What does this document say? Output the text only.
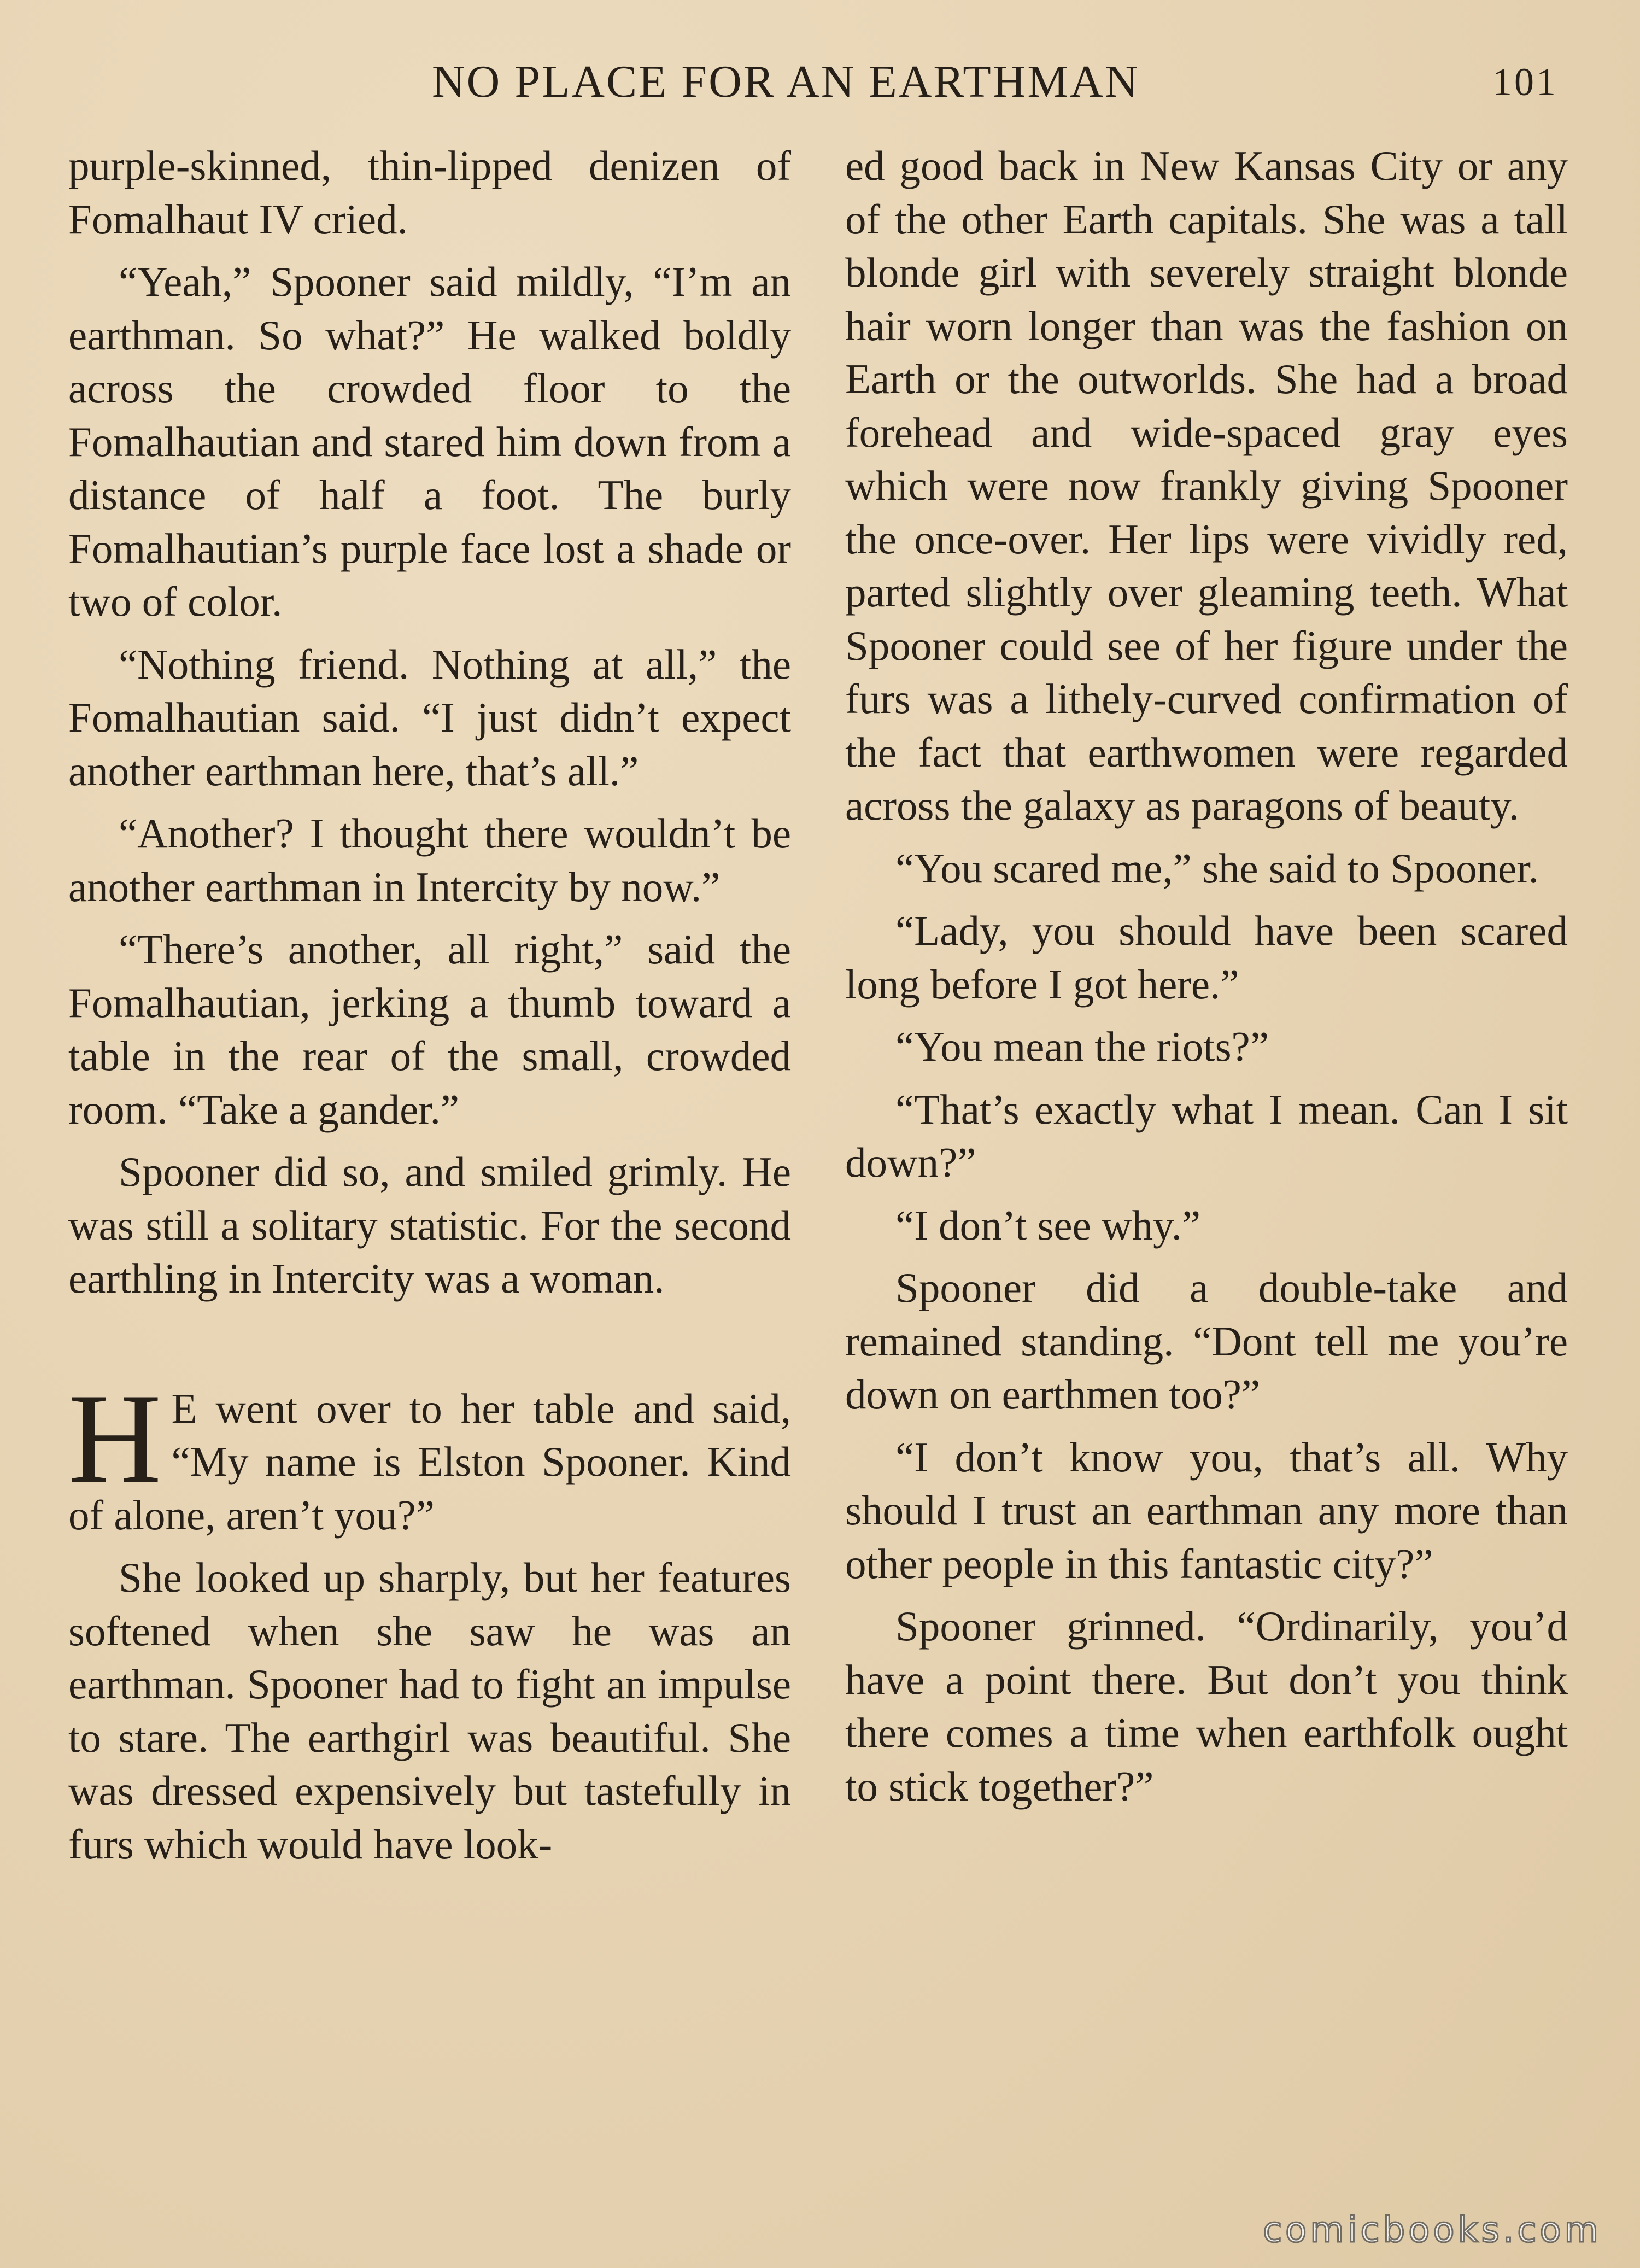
NO PLACE FOR AN EARTHMAN	101

purple-skinned, thin-lipped denizen of Fomalhaut IV cried.

“Yeah,” Spooner said mildly, “I’m an earthman. So what?” He walked boldly across the crowded floor to the Fomalhautian and stared him down from a distance of half a foot. The burly Fomalhautian’s purple face lost a shade or two of color.

“Nothing friend. Nothing at all,” the Fomalhautian said. “I just didn’t expect another earthman here, that’s all.”

“Another? I thought there wouldn’t be another earthman in Intercity by now.”

“There’s another, all right,” said the Fomalhautian, jerking a thumb toward a table in the rear of the small, crowded room. “Take a gander.”

Spooner did so, and smiled grimly. He was still a solitary statistic. For the second earthling in Intercity was a woman.

H E went over to her table and said, “My name is Elston Spooner. Kind of alone, aren’t you?”

She looked up sharply, but her features softened when she saw he was an earthman. Spooner had to fight an impulse to stare. The earthgirl was beautiful. She was dressed expensively but tastefully in furs which would have look-

ed good back in New Kansas City or any of the other Earth capitals. She was a tall blonde girl with severely straight blonde hair worn longer than was the fashion on Earth or the outworlds. She had a broad forehead and wide-spaced gray eyes which were now frankly giving Spooner the once-over. Her lips were vividly red, parted slightly over gleaming teeth. What Spooner could see of her figure under the furs was a lithely-curved confirmation of the fact that earthwomen were regarded across the galaxy as paragons of beauty.

“You scared me,” she said to Spooner.

“Lady, you should have been scared long before I got here.”

“You mean the riots?”

“That’s exactly what I mean. Can I sit down?”

“I don’t see why.”

Spooner did a double-take and remained standing. “Dont tell me you’re down on earthmen too?”

“I don’t know you, that’s all. Why should I trust an earthman any more than other people in this fantastic city?”

Spooner grinned. “Ordinarily, you’d have a point there. But don’t you think there comes a time when earthfolk ought to stick together?”

comicbooks.com
